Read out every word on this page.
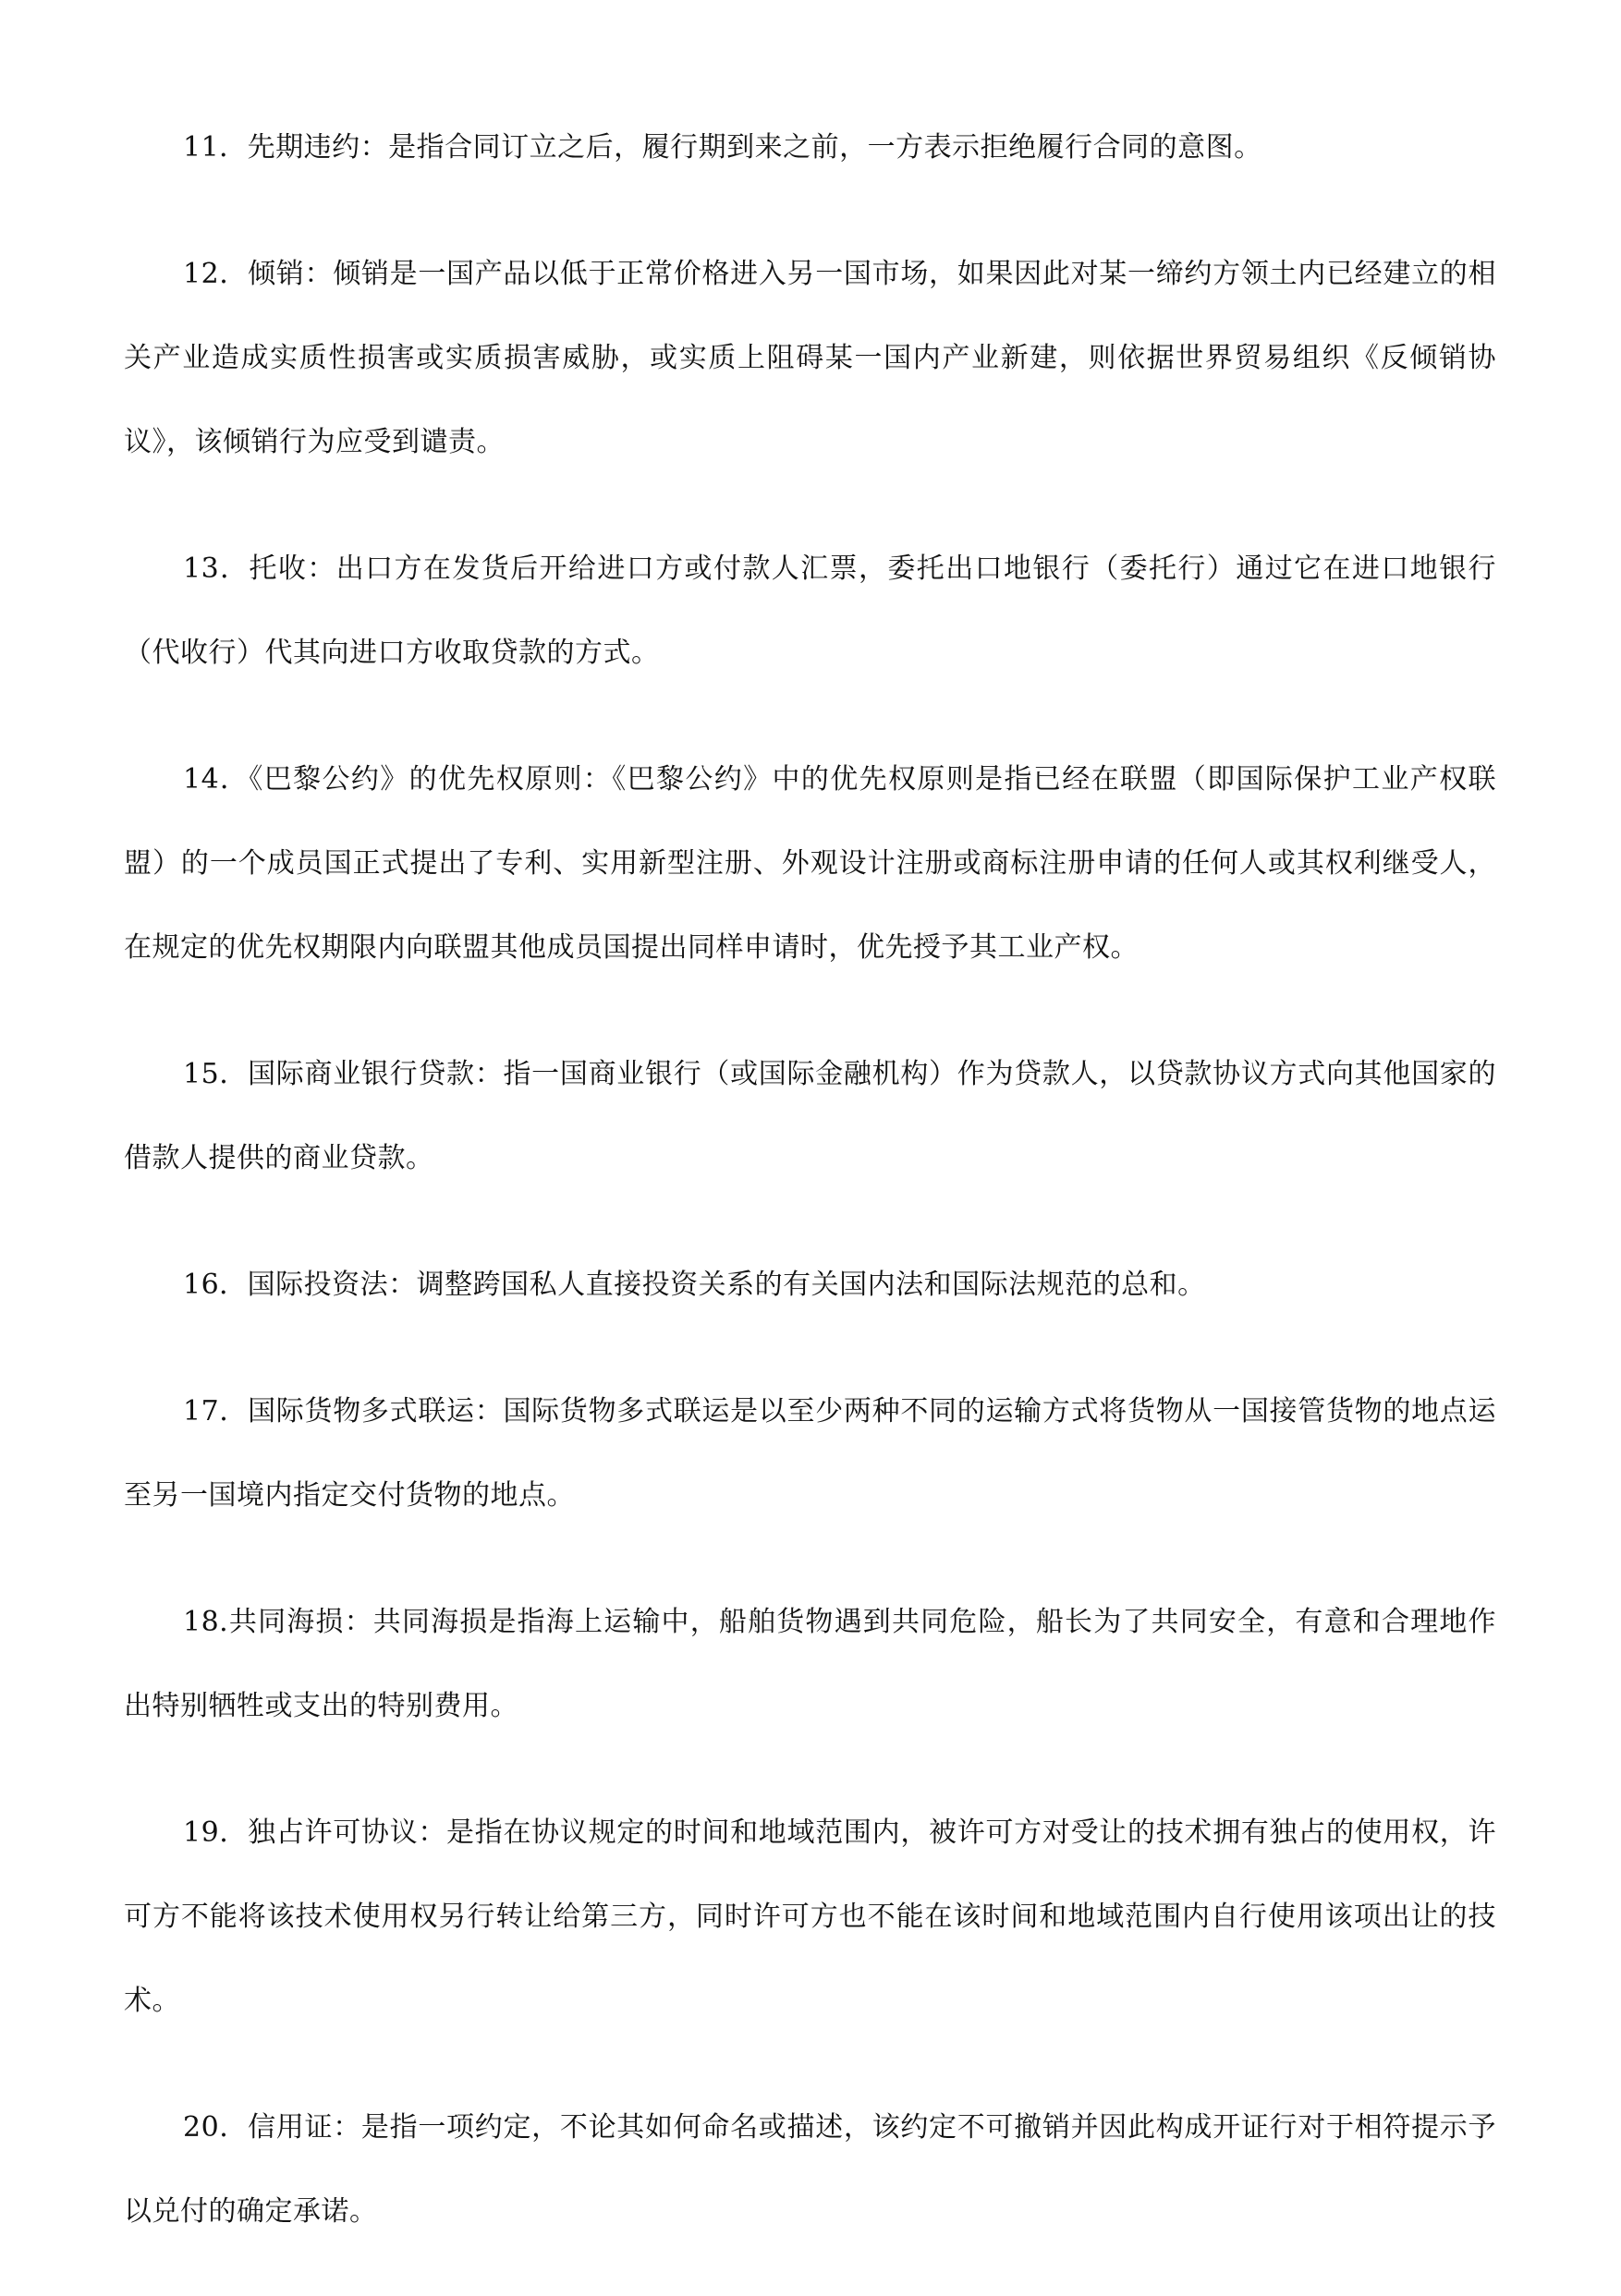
11．先期违约：是指合同订立之后，履行期到来之前，一方表示拒绝履行合同的意图。

12．倾销：倾销是一国产品以低于正常价格进入另一国市场，如果因此对某一缔约方领土内已经建立的相关产业造成实质性损害或实质损害威胁，或实质上阻碍某一国内产业新建，则依据世界贸易组织《反倾销协议》，该倾销行为应受到谴责。

13．托收：出口方在发货后开给进口方或付款人汇票，委托出口地银行（委托行）通过它在进口地银行（代收行）代其向进口方收取贷款的方式。

14．《巴黎公约》的优先权原则：《巴黎公约》中的优先权原则是指已经在联盟（即国际保护工业产权联盟）的一个成员国正式提出了专利、实用新型注册、外观设计注册或商标注册申请的任何人或其权利继受人，在规定的优先权期限内向联盟其他成员国提出同样申请时，优先授予其工业产权。

15．国际商业银行贷款：指一国商业银行（或国际金融机构）作为贷款人，以贷款协议方式向其他国家的借款人提供的商业贷款。

16．国际投资法：调整跨国私人直接投资关系的有关国内法和国际法规范的总和。

17．国际货物多式联运：国际货物多式联运是以至少两种不同的运输方式将货物从一国接管货物的地点运至另一国境内指定交付货物的地点。

18.共同海损：共同海损是指海上运输中，船舶货物遇到共同危险，船长为了共同安全，有意和合理地作出特别牺牲或支出的特别费用。

19．独占许可协议：是指在协议规定的时间和地域范围内，被许可方对受让的技术拥有独占的使用权，许可方不能将该技术使用权另行转让给第三方，同时许可方也不能在该时间和地域范围内自行使用该项出让的技术。

20．信用证：是指一项约定，不论其如何命名或描述，该约定不可撤销并因此构成开证行对于相符提示予以兑付的确定承诺。
